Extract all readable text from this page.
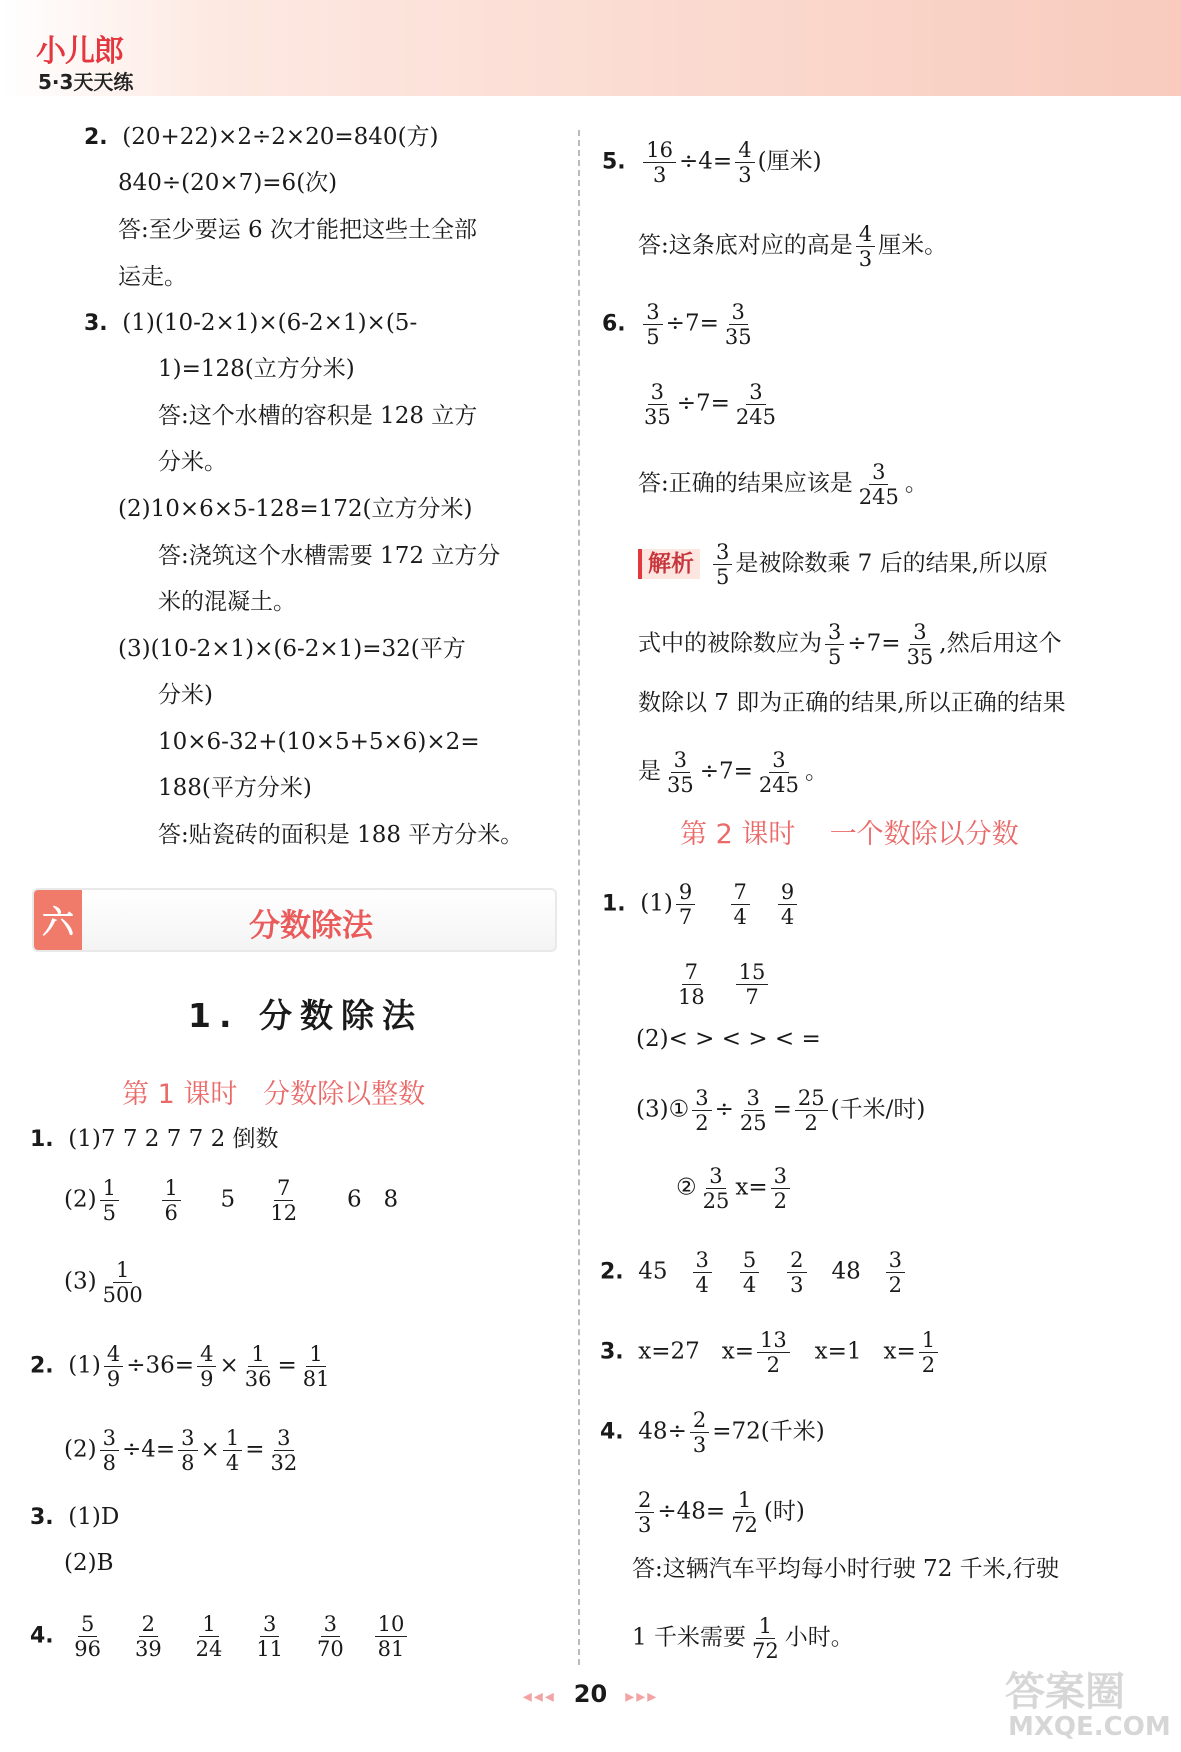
小儿郎
5·3天天练
2. (20+22)×2÷2×20=840(方)
840÷(20×7)=6(次)
答:至少要运 6 次才能把这些土全部
运走。
3. (1)(10-2×1)×(6-2×1)×(5-
1)=128(立方分米)
答:这个水槽的容积是 128 立方
分米。
(2)10×6×5-128=172(立方分米)
答:浇筑这个水槽需要 172 立方分
米的混凝土。
(3)(10-2×1)×(6-2×1)=32(平方
分米)
10×6-32+(10×5+5×6)×2=
188(平方分米)
答:贴瓷砖的面积是 188 平方分米。
六	分数除法
1. 分数除法
第 1 课时 分数除以整数
1. (1)7 7 2 7 7 2 倒数
$(2) \frac{1}{5}$
$\frac{1}{6} 5 \frac{7}{12} 6$ 8
$(3) \frac{1}{500}$
2. $(1) \frac{4}{9} \div 36= \frac{4}{9} \times \frac{1}{36} = \frac{1}{81}$
$(2) \frac{3}{8} \div 4= \frac{3}{8} \times \frac{1}{4} = \frac{3}{32}$
3. (1)D
(2)B
4. $\frac{5}{96}$
$\frac{2}{39}$
$\frac{1}{24}$
$\frac{3}{11}$
$\frac{3}{70}$
$\frac{10}{81}$
5. $\frac{16}{3} \div 4= \frac{4}{3}$ (厘米)
答:这条底对应的高是 $\frac{4}{3}$ 厘米。
6. $\frac{3}{5} \div 7= \frac{3}{35}$
$\frac{3}{35} \div 7= \frac{3}{245}$
答:正确的结果应该是 $\frac{3}{245}$ 。
解析 $\frac{3}{5}$ 是被除数乘 7 后的结果,所以原
式中的被除数应为 $\frac{3}{5} \div 7= \frac{3}{35}$ ,然后用这个
数除以 7 即为正确的结果,所以正确的结果
是 $\frac{3}{35} \div 7= \frac{3}{245}$ 。
第 2 课时 一个数除以分数
1. $(1) \frac{9}{7}$
$\frac{7}{4}$
$\frac{9}{4}$
$\frac{7}{18}$
$\frac{15}{7}$
(2)< > < > < =
(3)① $\frac{3}{2} \div \frac{3}{25} = \frac{25}{2}$ (千米/时)
② $\frac{3}{25} x= \frac{3}{2}$
2. $45 \frac{3}{4}$
$\frac{5}{4}$
$\frac{2}{3} 48 \frac{3}{2}$
3. x=27 $x= \frac{13}{2} x=1$ $x= \frac{1}{2}$
4. $48\div \frac{2}{3} =72$(千米)
$\frac{2}{3} \div 48= \frac{1}{72}$ (时)
答:这辆汽车平均每小时行驶 72 千米,行驶
1 千米需要 $\frac{1}{72}$ 小时。
◂◂◂ 20 ▸▸▸	答案圈
MXQE.COM
